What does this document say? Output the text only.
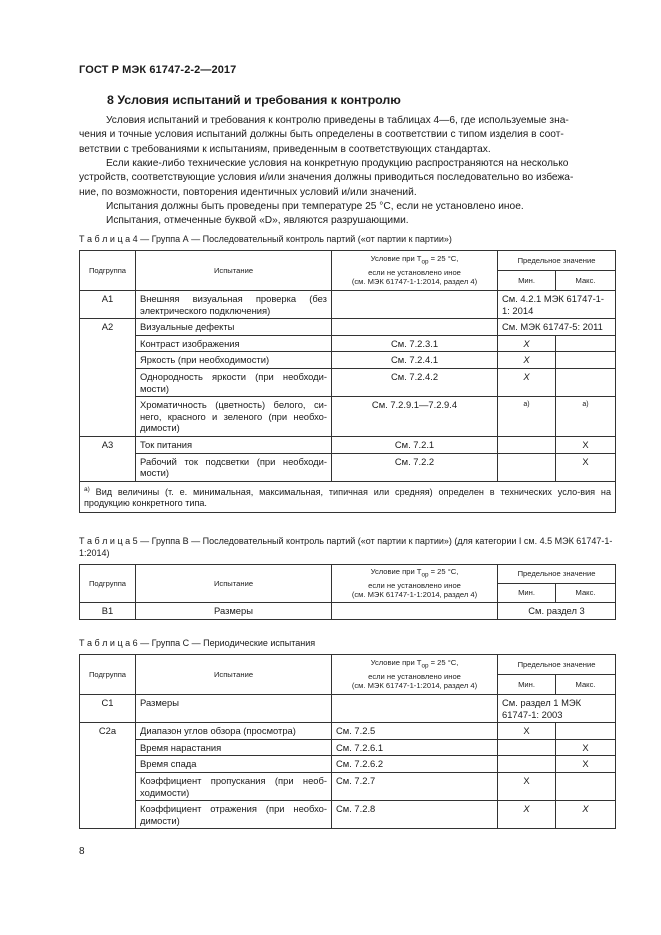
ГОСТ Р МЭК 61747-2-2—2017
8 Условия испытаний и требования к контролю
Условия испытаний и требования к контролю приведены в таблицах 4—6, где используемые зна-
чения и точные условия испытаний должны быть определены в соответствии с типом изделия в соот-
ветствии с требованиями к испытаниям, приведенным в соответствующих стандартах.
Если какие-либо технические условия на конкретную продукцию распространяются на несколько
устройств, соответствующие условия и/или значения должны приводиться последовательно во избежа-
ние, по возможности, повторения идентичных условий и/или значений.
Испытания должны быть проведены при температуре 25 °С, если не установлено иное.
Испытания, отмеченные буквой «D», являются разрушающими.
Т а б л и ц а 4 — Группа А — Последовательный контроль партий («от партии к партии»)
Подгруппа	Испытание	Условие при $T_{ор} = 25$ °С,
если не установлено иное
(см. МЭК 61747-1-1:2014, раздел 4)	Предельное значение	
			Мин.	Макс.
A1	Внешняя визуальная проверка (без электрического подключения)		См. 4.2.1 МЭК 61747-1-1: 2014	
A2	Визуальные дефекты		См. МЭК 61747-5: 2011	
	Контраст изображения	См. 7.2.3.1	X	
	Яркость (при необходимости)	См. 7.2.4.1	X	
	Однородность яркости (при необходи-мости)	См. 7.2.4.2	X	
	Хроматичность (цветность) белого, си-него, красного и зеленого (при необхо-димости)	См. 7.2.9.1—7.2.9.4	a)	a)
A3	Ток питания	См. 7.2.1		X
	Рабочий ток подсветки (при необходи-мости)	См. 7.2.2		X
$^{a)}$ Вид величины (т. е. минимальная, максимальная, типичная или средняя) определен в технических усло-вия на продукцию конкретного типа.				
Т а б л и ц а 5 — Группа В — Последовательный контроль партий («от партии к партии») (для категории I см. 4.5 МЭК 61747-1-1:2014)
Подгруппа	Испытание	Условие при $T_{ор} = 25$ °С,
если не установлено иное
(см. МЭК 61747-1-1:2014, раздел 4)	Предельное значение	
			Мин.	Макс.
B1	Размеры		См. раздел 3	
Т а б л и ц а 6 — Группа С — Периодические испытания
Подгруппа	Испытание	Условие при $T_{ор} = 25$ °С,
если не установлено иное
(см. МЭК 61747-1-1:2014, раздел 4)	Предельное значение	
			Мин.	Макс.
C1	Размеры		См. раздел 1 МЭК 61747-1: 2003	
C2a	Диапазон углов обзора (просмотра)	См. 7.2.5	X	
	Время нарастания	См. 7.2.6.1		X
	Время спада	См. 7.2.6.2		X
	Коэффициент пропускания (при необ-ходимости)	См. 7.2.7	X	
	Коэффициент отражения (при необхо-димости)	См. 7.2.8	X	X
8
